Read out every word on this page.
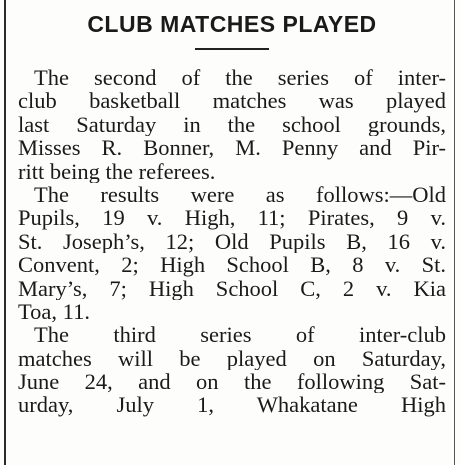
CLUB MATCHES PLAYED
The second of the series of inter-
club basketball matches was played
last Saturday in the school grounds,
Misses R. Bonner, M. Penny and Pir-
ritt being the referees.
The results were as follows:—Old
Pupils, 19 v. High, 11; Pirates, 9 v.
St. Joseph’s, 12; Old Pupils B, 16 v.
Convent, 2; High School B, 8 v. St.
Mary’s, 7; High School C, 2 v. Kia
Toa, 11.
The third series of inter-club
matches will be played on Saturday,
June 24, and on the following Sat-
urday, July 1, Whakatane High
